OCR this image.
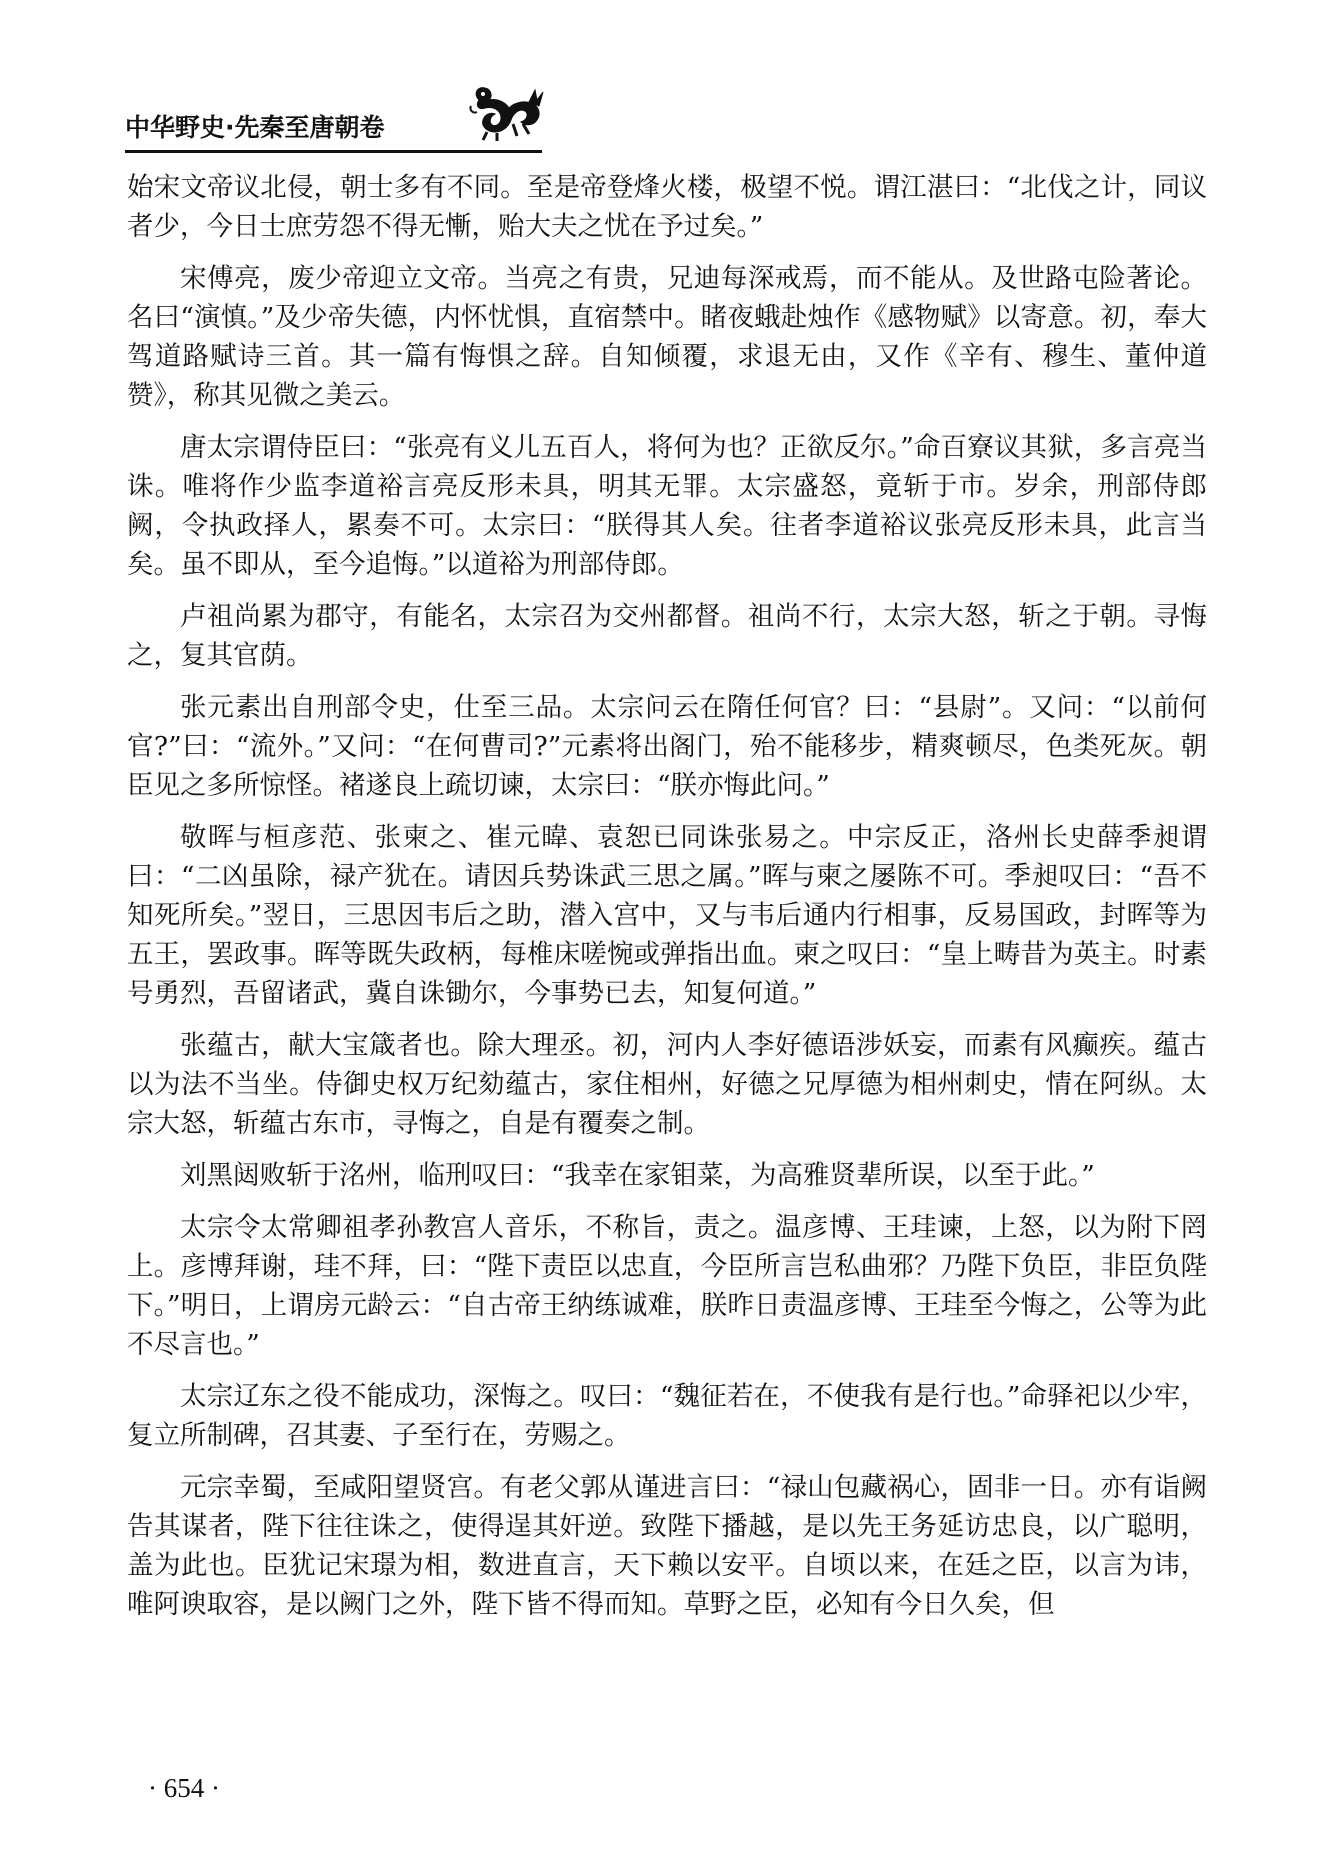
中华野史·先秦至唐朝卷

始宋文帝议北侵，朝士多有不同。至是帝登烽火楼，极望不悦。谓江湛曰：“北伐之计，同议者少，今日士庶劳怨不得无慚，贻大夫之忧在予过矣。”

宋傅亮，废少帝迎立文帝。当亮之有贵，兄迪每深戒焉，而不能从。及世路屯险著论。名曰“演慎。”及少帝失德，内怀忧惧，直宿禁中。睹夜蛾赴烛作《感物赋》以寄意。初，奉大驾道路赋诗三首。其一篇有悔惧之辞。自知倾覆，求退无由，又作《辛有、穆生、董仲道赞》，称其见微之美云。

唐太宗谓侍臣曰：“张亮有义儿五百人，将何为也？正欲反尔。”命百寮议其狱，多言亮当诛。唯将作少监李道裕言亮反形未具，明其无罪。太宗盛怒，竟斩于市。岁余，刑部侍郎阙，令执政择人，累奏不可。太宗曰：“朕得其人矣。往者李道裕议张亮反形未具，此言当矣。虽不即从，至今追悔。”以道裕为刑部侍郎。

卢祖尚累为郡守，有能名，太宗召为交州都督。祖尚不行，太宗大怒，斩之于朝。寻悔之，复其官荫。

张元素出自刑部令史，仕至三品。太宗问云在隋任何官？曰：“县尉”。又问：“以前何官?”曰：“流外。”又问：“在何曹司?”元素将出阁门，殆不能移步，精爽顿尽，色类死灰。朝臣见之多所惊怪。褚遂良上疏切谏，太宗曰：“朕亦悔此问。”

敬晖与桓彦范、张柬之、崔元暐、袁恕已同诛张易之。中宗反正，洛州长史薛季昶谓曰：“二凶虽除，禄产犹在。请因兵势诛武三思之属。”晖与柬之屡陈不可。季昶叹曰：“吾不知死所矣。”翌日，三思因韦后之助，潜入宫中，又与韦后通内行相事，反易国政，封晖等为五王，罢政事。晖等既失政柄，每椎床嗟惋或弹指出血。柬之叹曰：“皇上畴昔为英主。时素号勇烈，吾留诸武，冀自诛锄尔，今事势已去，知复何道。”

张蕴古，献大宝箴者也。除大理丞。初，河内人李好德语涉妖妄，而素有风癫疾。蕴古以为法不当坐。侍御史权万纪劾蕴古，家住相州，好德之兄厚德为相州刺史，情在阿纵。太宗大怒，斩蕴古东市，寻悔之，自是有覆奏之制。

刘黑闼败斩于洺州，临刑叹曰：“我幸在家钼菜，为高雅贤辈所误，以至于此。”

太宗令太常卿祖孝孙教宫人音乐，不称旨，责之。温彦博、王珪谏，上怒，以为附下罔上。彦博拜谢，珪不拜，曰：“陛下责臣以忠直，今臣所言岂私曲邪？乃陛下负臣，非臣负陛下。”明日，上谓房元龄云：“自古帝王纳练诚难，朕昨日责温彦博、王珪至今悔之，公等为此不尽言也。”

太宗辽东之役不能成功，深悔之。叹曰：“魏征若在，不使我有是行也。”命驿祀以少牢，复立所制碑，召其妻、子至行在，劳赐之。

元宗幸蜀，至咸阳望贤宫。有老父郭从谨进言曰：“禄山包藏祸心，固非一日。亦有诣阙告其谋者，陛下往往诛之，使得逞其奸逆。致陛下播越，是以先王务延访忠良，以广聪明，盖为此也。臣犹记宋璟为相，数进直言，天下赖以安平。自顷以来，在廷之臣，以言为讳，唯阿谀取容，是以阙门之外，陛下皆不得而知。草野之臣，必知有今日久矣，但

· 654 ·
